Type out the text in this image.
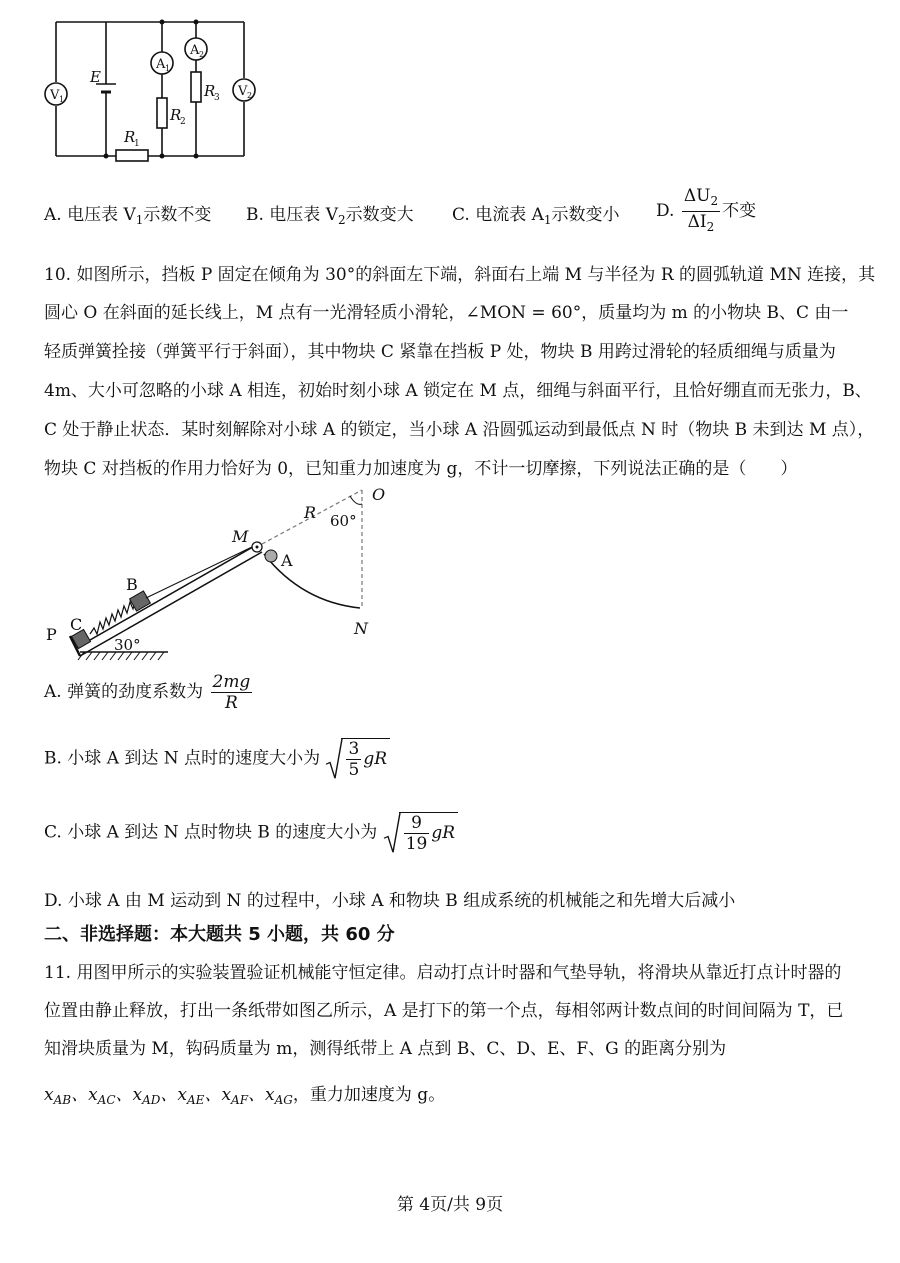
V 1
V 2
A 1
A 2
E
R
1
R
2
R
3
A. 电压表 $V_1$示数不变 B. 电压表 $V_2$示数变大 C. 电流表 $A_1$示数变小 D. $\frac{\Delta U_2}{\Delta I_2}$ 不变
10. 如图所示，挡板 P 固定在倾角为 30°的斜面左下端，斜面右上端 M 与半径为 R 的圆弧轨道 MN 连接，其
圆心 O 在斜面的延长线上，M 点有一光滑轻质小滑轮，∠MON = 60°，质量均为 m 的小物块 B、C 由一
轻质弹簧拴接（弹簧平行于斜面），其中物块 C 紧靠在挡板 P 处，物块 B 用跨过滑轮的轻质细绳与质量为
4m、大小可忽略的小球 A 相连，初始时刻小球 A 锁定在 M 点，细绳与斜面平行，且恰好绷直而无张力，B、
C 处于静止状态．某时刻解除对小球 A 的锁定，当小球 A 沿圆弧运动到最低点 N 时（物块 B 未到达 M 点），
物块 C 对挡板的作用力恰好为 0，已知重力加速度为 g，不计一切摩擦，下列说法正确的是（　　）
O
R 60°
M
A
N
B
C
P
30°
A. 弹簧的劲度系数为 $\frac{2mg}{R}$
B. 小球 A 到达 N 点时的速度大小为 $\frac{3}{5}$ gR
C. 小球 A 到达 N 点时物块 B 的速度大小为 $\frac{9}{19}$ gR
D. 小球 A 由 M 运动到 N 的过程中，小球 A 和物块 B 组成系统的机械能之和先增大后减小
二、非选择题：本大题共 5 小题，共 60 分
11. 用图甲所示的实验装置验证机械能守恒定律。启动打点计时器和气垫导轨，将滑块从靠近打点计时器的
位置由静止释放，打出一条纸带如图乙所示，A 是打下的第一个点，每相邻两计数点间的时间间隔为 T，已
知滑块质量为 M，钩码质量为 m，测得纸带上 A 点到 B、C、D、E、F、G 的距离分别为
$x_{AB}$、$x_{AC}$、$x_{AD}$、$x_{AE}$、$x_{AF}$、$x_{AG}$，重力加速度为 g。
第 4页/共 9页
